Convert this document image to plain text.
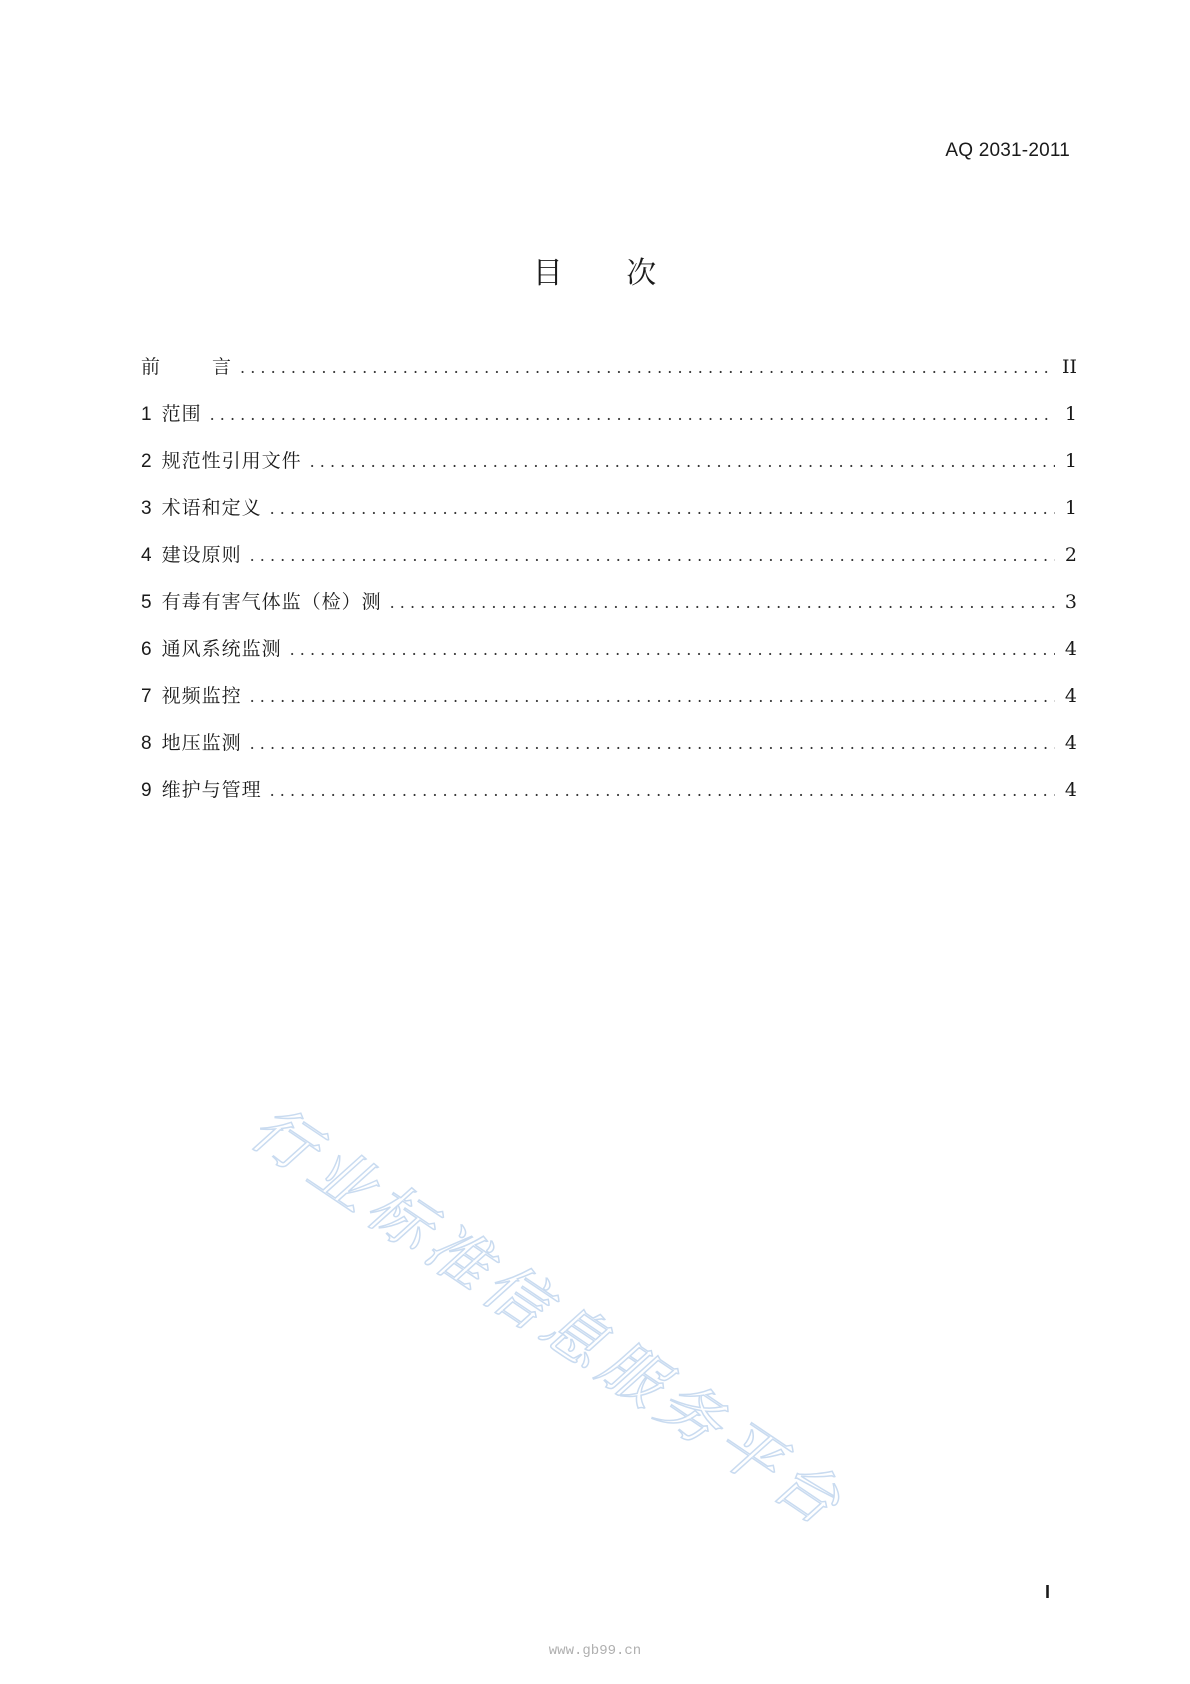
AQ 2031-2011
目 次
前 言 . . .	II
1 范围 . . .	1
2 规范性引用文件 . . .	1
3 术语和定义 . . .	1
4 建设原则 . . .	2
5 有毒有害气体监（检）测 . . .	3
6 通风系统监测 . . .	4
7 视频监控 . . .	4
8 地压监测 . . .	4
9 维护与管理 . . .	4
行业标准信息服务平台
I
www.gb99.cn
